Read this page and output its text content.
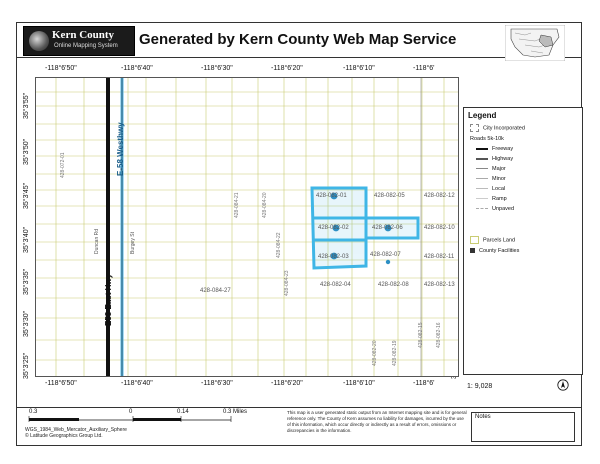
Kern County
Online Mapping System Generated by Kern County Web Map Service
-118°6'50"	-118°6'40"	-118°6'30"	-118°6'20"	-118°6'10"	-118°6'
-118°6'50"	-118°6'40"	-118°6'30"	-118°6'20"	-118°6'10"	-118°6'
35°3'55"
35°3'50"
35°3'45"
35°3'40"
35°3'35"
35°3'30"
35°3'25"
E58 East Hwy
E-58 Westhwy
Duncan Rd	Burgey St
428-082-01	428-082-05
428-082-02	428-082-06
428-082-03	428-082-07
428-082-04	428-082-08
428-082-10
428-082-11
428-082-12
428-082-13
428-082-15 428-082-16
428-082-19
428-082-20
428-084-27
428-084-20
428-084-21
428-084-22
428-084-23
428-072-01
Legend
City Incorporated
Roads 5k-10k
Freeway
Highway
Major
Minor
Local
Ramp
Unpaved
Parcels Land
County Facilities
1: 9,028
0.3	0	0.14	0.3 Miles
WGS_1984_Web_Mercator_Auxiliary_Sphere
© Latitude Geographics Group Ltd.
This map is a user generated static output from an Internet mapping site and is for general reference only. The County of Kern assumes no liability for damages, incurred by the use of this information, which occur directly or indirectly as a result of errors, omissions or discrepancies in the information.
Notes
